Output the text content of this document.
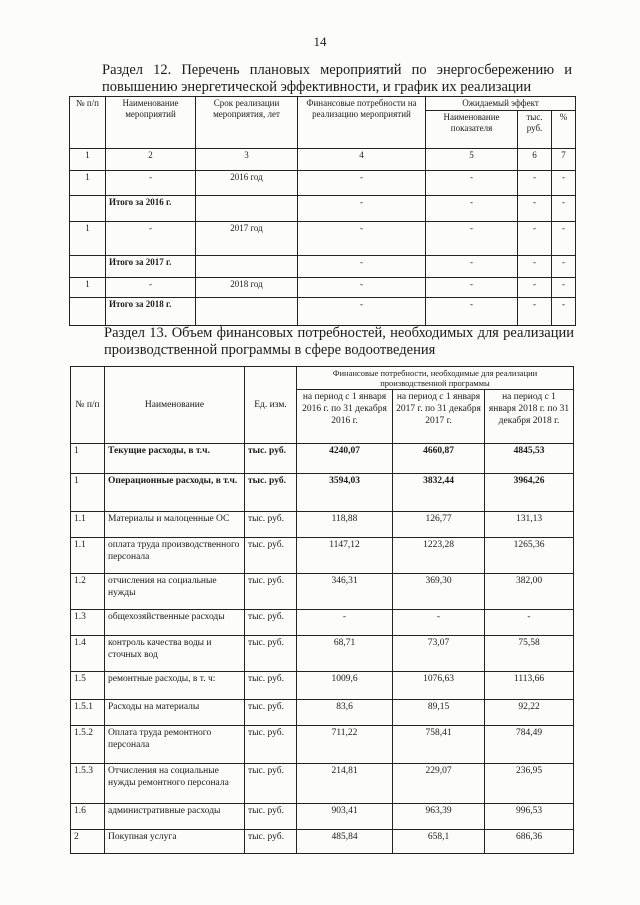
14
Раздел 12. Перечень плановых мероприятий по энергосбережению и повышению энергетической эффективности, и график их реализации
№ п/п	Наименование мероприятий	Срок реализации мероприятия, лет	Финансовые потребности на реализацию мероприятий	Ожидаемый эффект		
				Наименование показателя	тыс. руб.	%
1	2	3	4	5	6	7
1	-	2016 год	-	-	-	-
	Итого за 2016 г.		-	-	-	-
1	-	2017 год	-	-	-	-
	Итого за 2017 г.		-	-	-	-
1	-	2018 год	-	-	-	-
	Итого за 2018 г.		-	-	-	-
Раздел 13. Объем финансовых потребностей, необходимых для реализации производственной программы в сфере водоотведения
№ п/п	Наименование	Ед. изм.	Финансовые потребности, необходимые для реализации производственной программы		
			на период с 1 января 2016 г. по 31 декабря 2016 г.	на период с 1 января 2017 г. по 31 декабря 2017 г.	на период с 1 января 2018 г. по 31 декабря 2018 г.
1	Текущие расходы, в т.ч.	тыс. руб.	4240,07	4660,87	4845,53
1	Операционные расходы, в т.ч.	тыс. руб.	3594,03	3832,44	3964,26
1.1	Материалы и малоценные ОС	тыс. руб.	118,88	126,77	131,13
1.1	оплата труда производственного персонала	тыс. руб.	1147,12	1223,28	1265,36
1.2	отчисления на социальные нужды	тыс. руб.	346,31	369,30	382,00
1.3	общехозяйственные расходы	тыс. руб.	-	-	-
1.4	контроль качества воды и сточных вод	тыс. руб.	68,71	73,07	75,58
1.5	ремонтные расходы, в т. ч:	тыс. руб.	1009,6	1076,63	1113,66
1.5.1	Расходы на материалы	тыс. руб.	83,6	89,15	92,22
1.5.2	Оплата труда ремонтного персонала	тыс. руб.	711,22	758,41	784,49
1.5.3	Отчисления на социальные нужды ремонтного персонала	тыс. руб.	214,81	229,07	236,95
1.6	административные расходы	тыс. руб.	903,41	963,39	996,53
2	Покупная услуга	тыс. руб.	485,84	658,1	686,36
